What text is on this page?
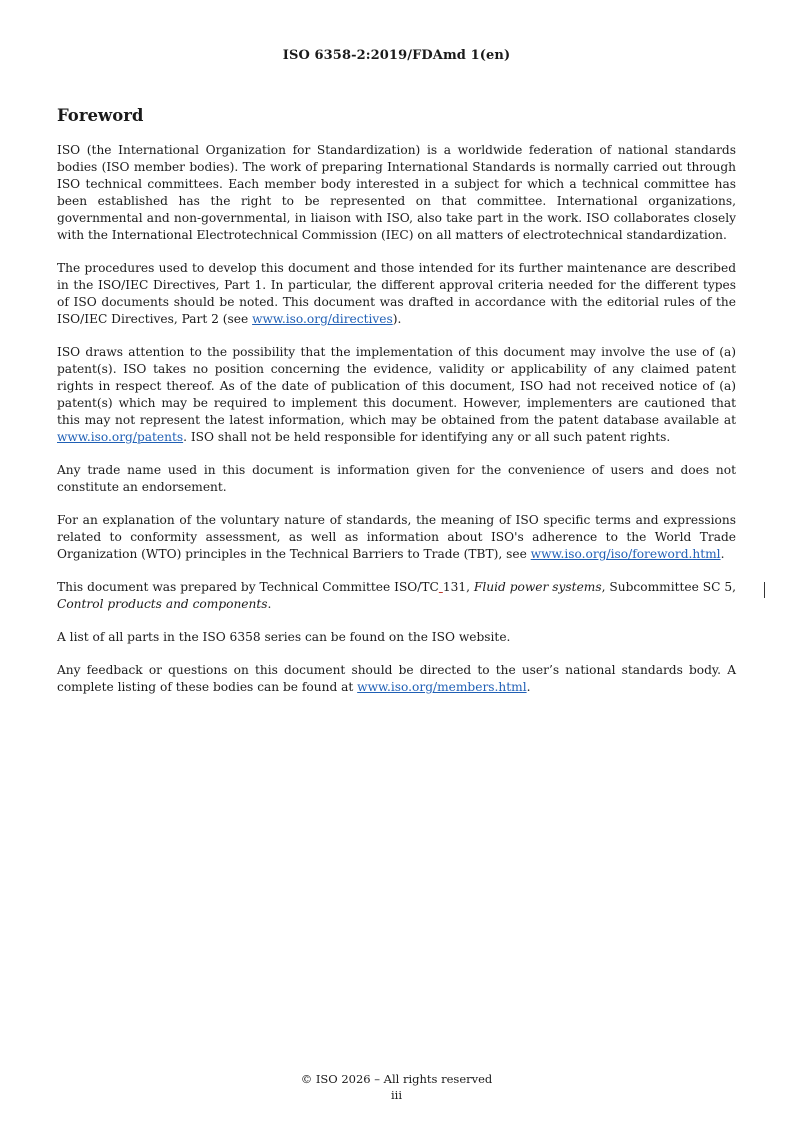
ISO 6358-2:2019/FDAmd 1(en)
Foreword

ISO (the International Organization for Standardization) is a worldwide federation of national standards bodies (ISO member bodies). The work of preparing International Standards is normally carried out through ISO technical committees. Each member body interested in a subject for which a technical committee has been established has the right to be represented on that committee. International organizations, governmental and non-governmental, in liaison with ISO, also take part in the work. ISO collaborates closely with the International Electrotechnical Commission (IEC) on all matters of electrotechnical standardization.

The procedures used to develop this document and those intended for its further maintenance are described in the ISO/IEC Directives, Part 1. In particular, the different approval criteria needed for the different types of ISO documents should be noted. This document was drafted in accordance with the editorial rules of the ISO/IEC Directives, Part 2 (see www.iso.org/directives).

ISO draws attention to the possibility that the implementation of this document may involve the use of (a) patent(s). ISO takes no position concerning the evidence, validity or applicability of any claimed patent rights in respect thereof. As of the date of publication of this document, ISO had not received notice of (a) patent(s) which may be required to implement this document. However, implementers are cautioned that this may not represent the latest information, which may be obtained from the patent database available at www.iso.org/patents. ISO shall not be held responsible for identifying any or all such patent rights.

Any trade name used in this document is information given for the convenience of users and does not constitute an endorsement.

For an explanation of the voluntary nature of standards, the meaning of ISO specific terms and expressions related to conformity assessment, as well as information about ISO's adherence to the World Trade Organization (WTO) principles in the Technical Barriers to Trade (TBT), see www.iso.org/iso/foreword.html.

This document was prepared by Technical Committee ISO/TC 131, Fluid power systems, Subcommittee SC 5, Control products and components.

A list of all parts in the ISO 6358 series can be found on the ISO website.

Any feedback or questions on this document should be directed to the user’s national standards body. A complete listing of these bodies can be found at www.iso.org/members.html.

© ISO 2026 – All rights reserved
iii
